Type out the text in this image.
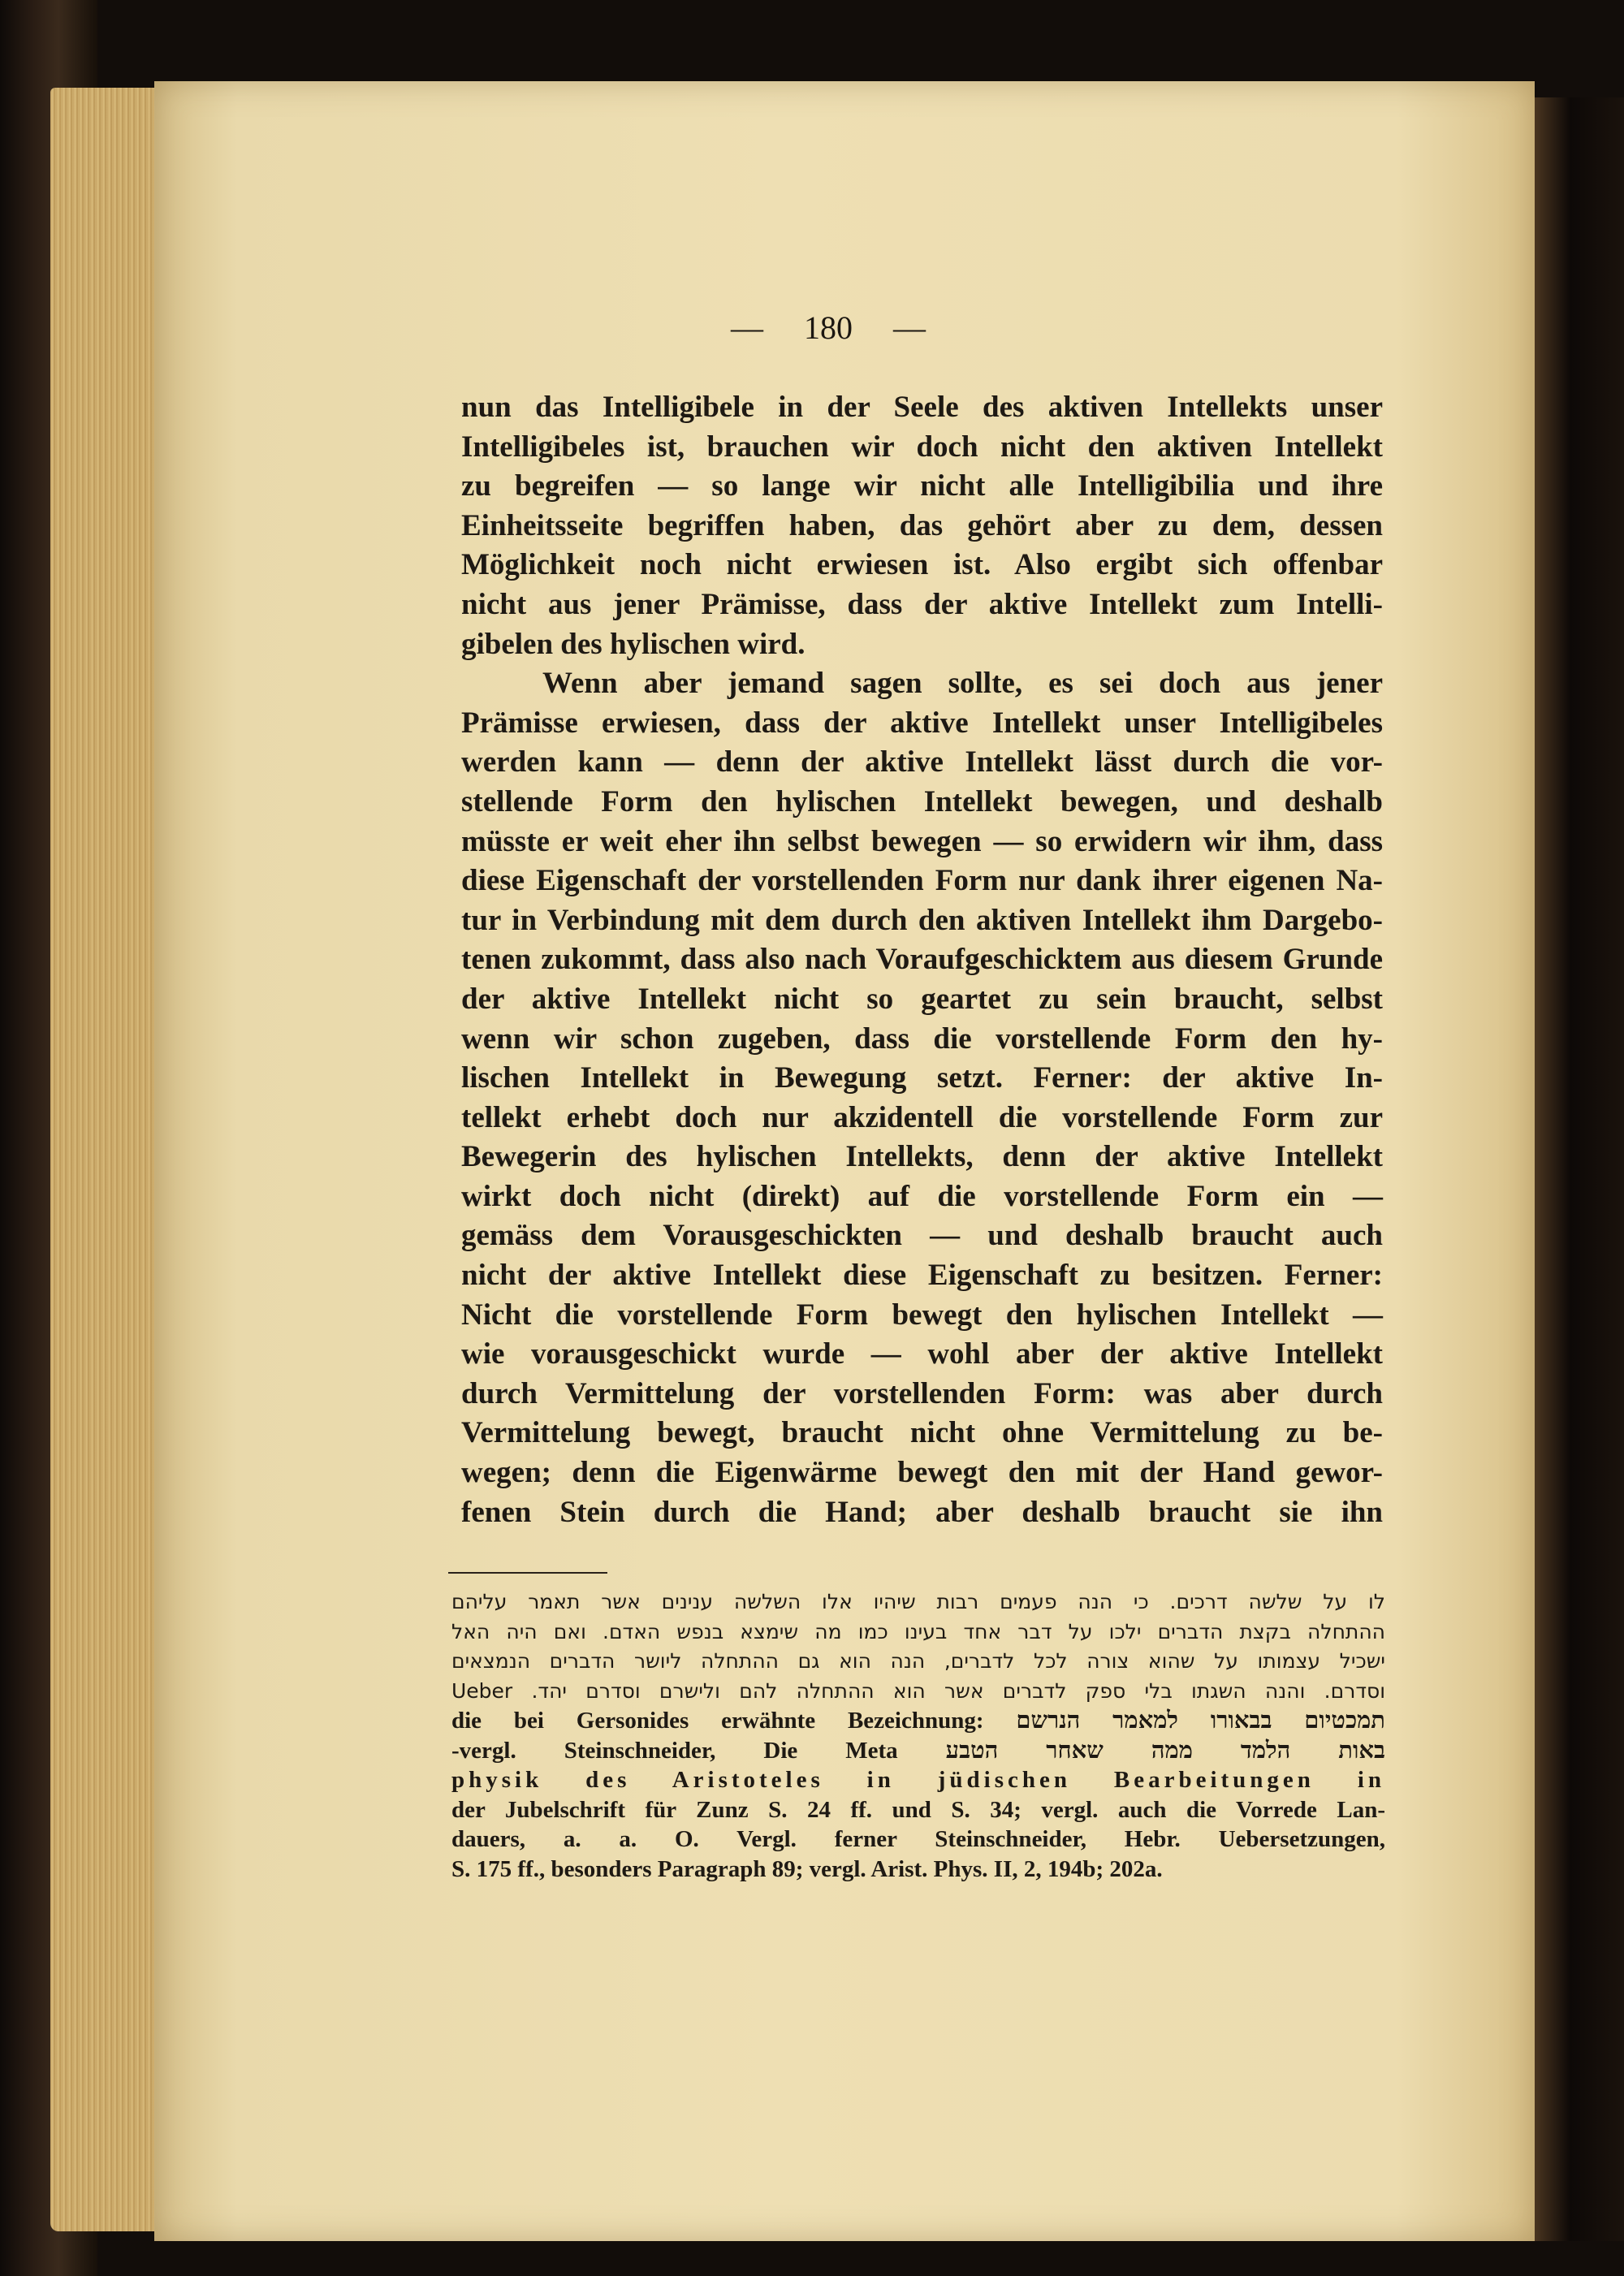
— 180 —
nun das Intelligibele in der Seele des aktiven Intellekts unser
Intelligibeles ist, brauchen wir doch nicht den aktiven Intellekt
zu begreifen — so lange wir nicht alle Intelligibilia und ihre
Einheitsseite begriffen haben, das gehört aber zu dem, dessen
Möglichkeit noch nicht erwiesen ist. Also ergibt sich offenbar
nicht aus jener Prämisse, dass der aktive Intellekt zum Intelli-
gibelen des hylischen wird.
Wenn aber jemand sagen sollte, es sei doch aus jener
Prämisse erwiesen, dass der aktive Intellekt unser Intelligibeles
werden kann — denn der aktive Intellekt lässt durch die vor-
stellende Form den hylischen Intellekt bewegen, und deshalb
müsste er weit eher ihn selbst bewegen — so erwidern wir ihm, dass
diese Eigenschaft der vorstellenden Form nur dank ihrer eigenen Na-
tur in Verbindung mit dem durch den aktiven Intellekt ihm Dargebo-
tenen zukommt, dass also nach Voraufgeschicktem aus diesem Grunde
der aktive Intellekt nicht so geartet zu sein braucht, selbst
wenn wir schon zugeben, dass die vorstellende Form den hy-
lischen Intellekt in Bewegung setzt. Ferner: der aktive In-
tellekt erhebt doch nur akzidentell die vorstellende Form zur
Bewegerin des hylischen Intellekts, denn der aktive Intellekt
wirkt doch nicht (direkt) auf die vorstellende Form ein —
gemäss dem Vorausgeschickten — und deshalb braucht auch
nicht der aktive Intellekt diese Eigenschaft zu besitzen. Ferner:
Nicht die vorstellende Form bewegt den hylischen Intellekt —
wie vorausgeschickt wurde — wohl aber der aktive Intellekt
durch Vermittelung der vorstellenden Form: was aber durch
Vermittelung bewegt, braucht nicht ohne Vermittelung zu be-
wegen; denn die Eigenwärme bewegt den mit der Hand gewor-
fenen Stein durch die Hand; aber deshalb braucht sie ihn
לו על שלשה דרכים. כי הנה פעמים רבות שיהיו אלו השלשה ענינים אשר תאמר עליהם
ההתחלה בקצת הדברים ילכו על דבר אחד בעינו כמו מה שימצא בנפש האדם. ואם היה האל
ישכיל עצמותו על שהוא צורה לכל לדברים, הנה הוא גם ההתחלה ליושר הדברים הנמצאים
וסדרם. והנה השגתו בלי ספק לדברים אשר הוא ההתחלה להם ולישרם וסדרם יהד. Ueber
die bei Gersonides erwähnte Bezeichnung: תמכטיום בבאורו למאמר הנרשם
באות הלמד ממה שאחר הטבע vergl. Steinschneider, Die Meta-
physik des Aristoteles in jüdischen Bearbeitungen in
der Jubelschrift für Zunz S. 24 ff. und S. 34; vergl. auch die Vorrede Lan-
dauers, a. a. O. Vergl. ferner Steinschneider, Hebr. Uebersetzungen,
S. 175 ff., besonders Paragraph 89; vergl. Arist. Phys. II, 2, 194b; 202a.
